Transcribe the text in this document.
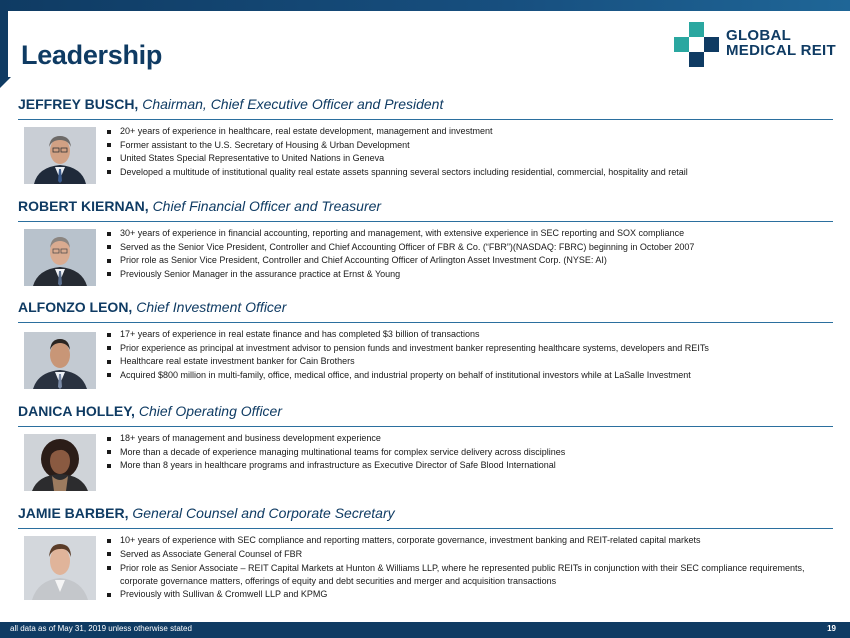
Leadership
GLOBAL
MEDICAL REIT
JEFFREY BUSCH, Chairman, Chief Executive Officer and President
20+ years of experience in healthcare, real estate development, management and investment
Former assistant to the U.S. Secretary of Housing & Urban Development
United States Special Representative to United Nations in Geneva
Developed a multitude of institutional quality real estate assets spanning several sectors including residential, commercial, hospitality and retail
ROBERT KIERNAN, Chief Financial Officer and Treasurer
30+ years of experience in financial accounting, reporting and management, with extensive experience in SEC reporting and SOX compliance
Served as the Senior Vice President, Controller and Chief Accounting Officer of FBR & Co. (“FBR”)(NASDAQ: FBRC) beginning in October 2007
Prior role as Senior Vice President, Controller and Chief Accounting Officer of Arlington Asset Investment Corp. (NYSE: AI)
Previously Senior Manager in the assurance practice at Ernst & Young
ALFONZO LEON, Chief Investment Officer
17+ years of experience in real estate finance and has completed $3 billion of transactions
Prior experience as principal at investment advisor to pension funds and investment banker representing healthcare systems, developers and REITs
Healthcare real estate investment banker for Cain Brothers
Acquired $800 million in multi-family, office, medical office, and industrial property on behalf of institutional investors while at LaSalle Investment
DANICA HOLLEY, Chief Operating Officer
18+ years of management and business development experience
More than a decade of experience managing multinational teams for complex service delivery across disciplines
More than 8 years in healthcare programs and infrastructure as Executive Director of Safe Blood International
JAMIE BARBER, General Counsel and Corporate Secretary
10+ years of experience with SEC compliance and reporting matters, corporate governance, investment banking and REIT-related capital markets
Served as Associate General Counsel of FBR
Prior role as Senior Associate – REIT Capital Markets at Hunton & Williams LLP, where he represented public REITs in conjunction with their SEC compliance requirements, corporate governance matters, offerings of equity and debt securities and merger and acquisition transactions
Previously with Sullivan & Cromwell LLP and KPMG
all data as of May 31, 2019 unless otherwise stated	19
